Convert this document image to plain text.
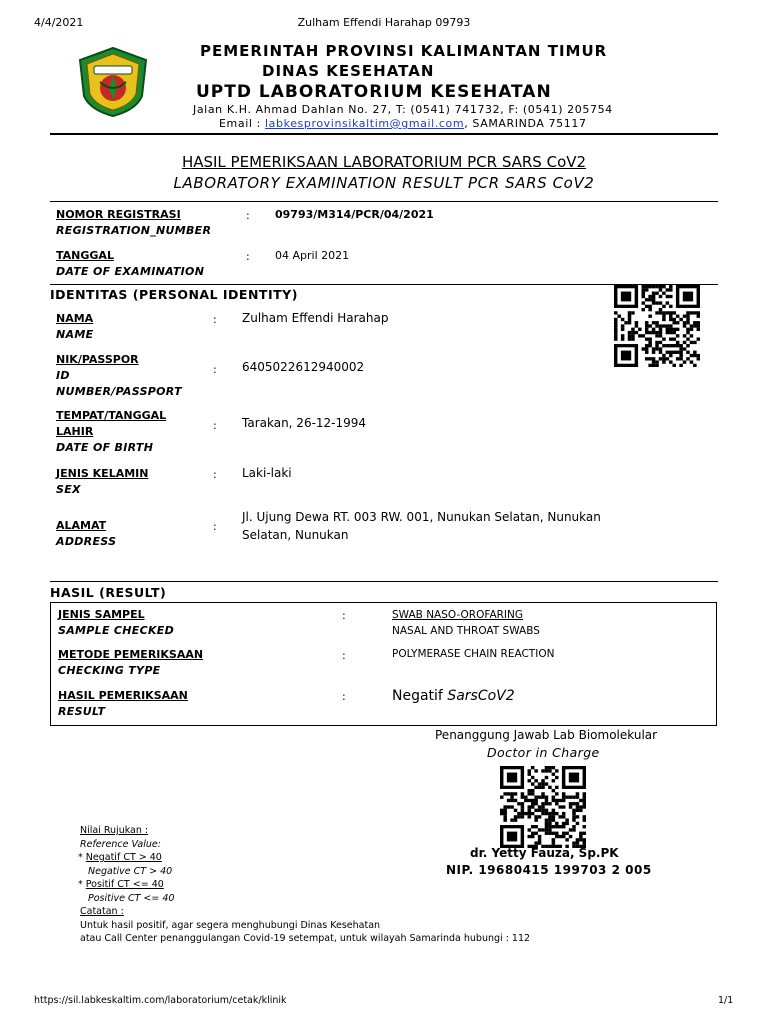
4/4/2021	Zulham Effendi Harahap 09793
PEMERINTAH PROVINSI KALIMANTAN TIMUR
DINAS KESEHATAN
UPTD LABORATORIUM KESEHATAN
Jalan K.H. Ahmad Dahlan No. 27, T: (0541) 741732, F: (0541) 205754
Email : labkesprovinsikaltim@gmail.com, SAMARINDA 75117
HASIL PEMERIKSAAN LABORATORIUM PCR SARS CoV2
LABORATORY EXAMINATION RESULT PCR SARS CoV2
NOMOR REGISTRASI
REGISTRATION_NUMBER
: 09793/M314/PCR/04/2021
TANGGAL
DATE OF EXAMINATION
: 04 April 2021
IDENTITAS (PERSONAL IDENTITY)
NAMA
NAME
: Zulham Effendi Harahap
NIK/PASSPOR
ID
NUMBER/PASSPORT
: 6405022612940002
TEMPAT/TANGGAL
LAHIR
DATE OF BIRTH
: Tarakan, 26-12-1994
JENIS KELAMIN
SEX
: Laki-laki
ALAMAT
ADDRESS
:
Jl. Ujung Dewa RT. 003 RW. 001, Nunukan Selatan, Nunukan
Selatan, Nunukan
HASIL (RESULT)
JENIS SAMPEL
SAMPLE CHECKED
:	SWAB NASO-OROFARING
NASAL AND THROAT SWABS
METODE PEMERIKSAAN
CHECKING TYPE
:	POLYMERASE CHAIN REACTION
HASIL PEMERIKSAAN
RESULT
:	Negatif SarsCoV2
Penanggung Jawab Lab Biomolekular
Doctor in Charge
dr. Yetty Fauza, Sp.PK
NIP. 19680415 199703 2 005
Nilai Rujukan :
Reference Value:
* Negatif CT > 40
Negative CT > 40
* Positif CT <= 40
Positive CT <= 40
Catatan :
Untuk hasil positif, agar segera menghubungi Dinas Kesehatan
atau Call Center penanggulangan Covid-19 setempat, untuk wilayah Samarinda hubungi : 112
https://sil.labkeskaltim.com/laboratorium/cetak/klinik	1/1
